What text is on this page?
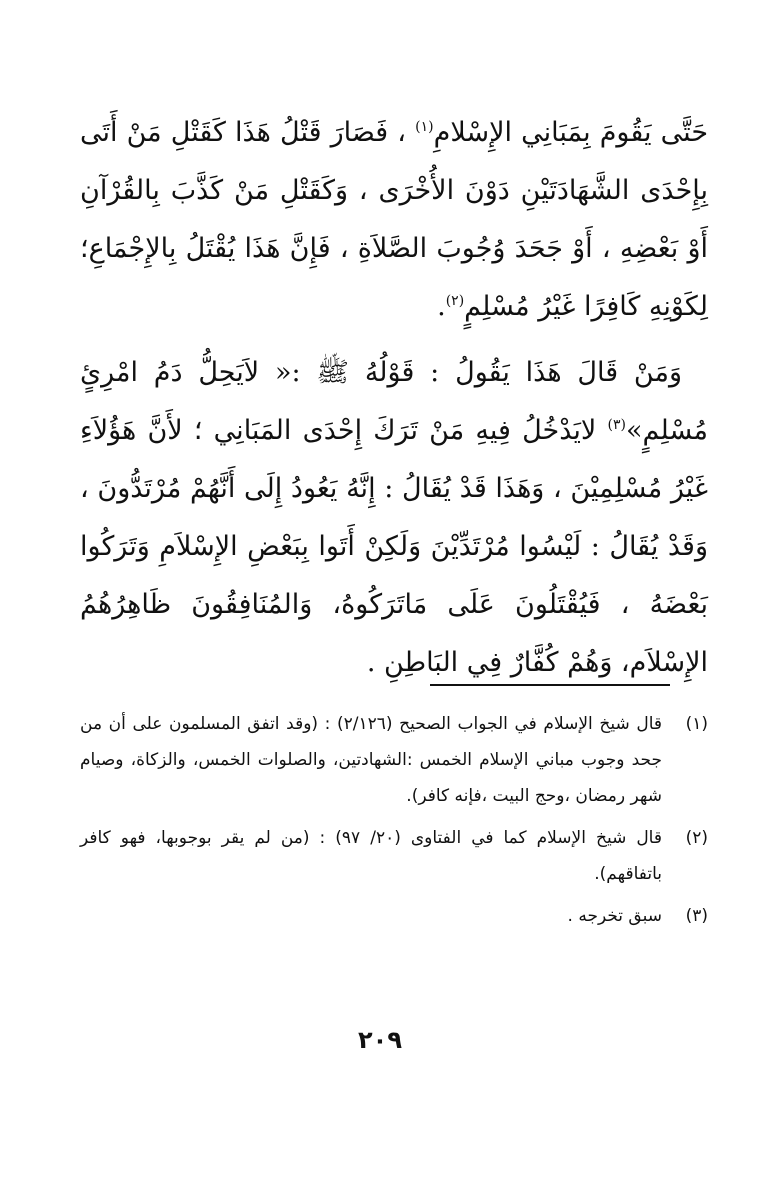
حَتَّى يَقُومَ بِمَبَانِي الإِسْلامِ$^{(١)}$ ، فَصَارَ قَتْلُ هَذَا كَقَتْلِ مَنْ أَتَى بِإِحْدَى الشَّهَادَتَيْنِ دَوْنَ الأُخْرَى ، وَكَقَتْلِ مَنْ كَذَّبَ بِالقُرْآنِ أَوْ بَعْضِهِ ، أَوْ جَحَدَ وُجُوبَ الصَّلاَةِ ، فَإِنَّ هَذَا يُقْتَلُ بِالإِجْمَاعِ؛ لِكَوْنِهِ كَافِرًا غَيْرُ مُسْلِمٍ$^{(٢)}$.

وَمَنْ قَالَ هَذَا يَقُولُ : قَوْلُهُ ﷺ :« لاَيَحِلُّ دَمُ امْرِئٍ مُسْلِمٍ»$^{(٣)}$ لايَدْخُلُ فِيهِ مَنْ تَرَكَ إِحْدَى المَبَانِي ؛ لأَنَّ هَؤُلاَءِ غَيْرُ مُسْلِمِيْنَ ، وَهَذَا قَدْ يُقَالُ : إِنَّهُ يَعُودُ إِلَى أَنَّهُمْ مُرْتَدُّونَ ، وَقَدْ يُقَالُ : لَيْسُوا مُرْتَدِّيْنَ وَلَكِنْ أَتَوا بِبَعْضِ الإِسْلاَمِ وَتَرَكُوا بَعْضَهُ ، فَيُقْتَلُونَ عَلَى مَاتَرَكُوهُ، وَالمُنَافِقُونَ ظَاهِرُهُمُ الإِسْلاَم، وَهُمْ كُفَّارٌ فِي البَاطِنِ .

(١)
قال شيخ الإسلام في الجواب الصحيح (٢/١٢٦) : (وقد اتفق المسلمون على أن من جحد وجوب مباني الإسلام الخمس :الشهادتين، والصلوات الخمس، والزكاة، وصيام شهر رمضان ،وحج البيت ،فإنه كافر).
(٢)
قال شيخ الإسلام كما في الفتاوى (٢٠/ ٩٧) : (من لم يقر بوجوبها، فهو كافر باتفاقهم).
(٣)
سبق تخرجه .
٢٠٩
